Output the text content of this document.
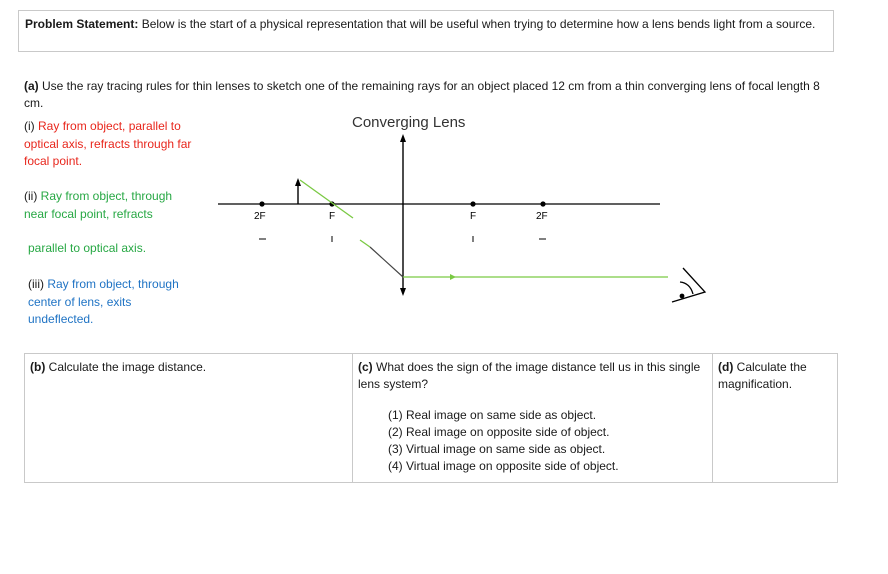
Problem Statement: Below is the start of a physical representation that will be useful when trying to determine how a lens bends light from a source.
(a) Use the ray tracing rules for thin lenses to sketch one of the remaining rays for an object placed 12 cm from a thin converging lens of focal length 8 cm.
(i) Ray from object, parallel to
optical axis, refracts through far
focal point.
(ii) Ray from object, through
near focal point, refracts
parallel to optical axis.
(iii) Ray from object, through
center of lens, exits
undeflected.
Converging Lens
2F	F	F	2F
(b) Calculate the image distance.	(c) What does the sign of the image distance tell us in this single lens system?
(1) Real image on same side as object.
(2) Real image on opposite side of object.
(3) Virtual image on same side as object.
(4) Virtual image on opposite side of object.
(d) Calculate the magnification.
